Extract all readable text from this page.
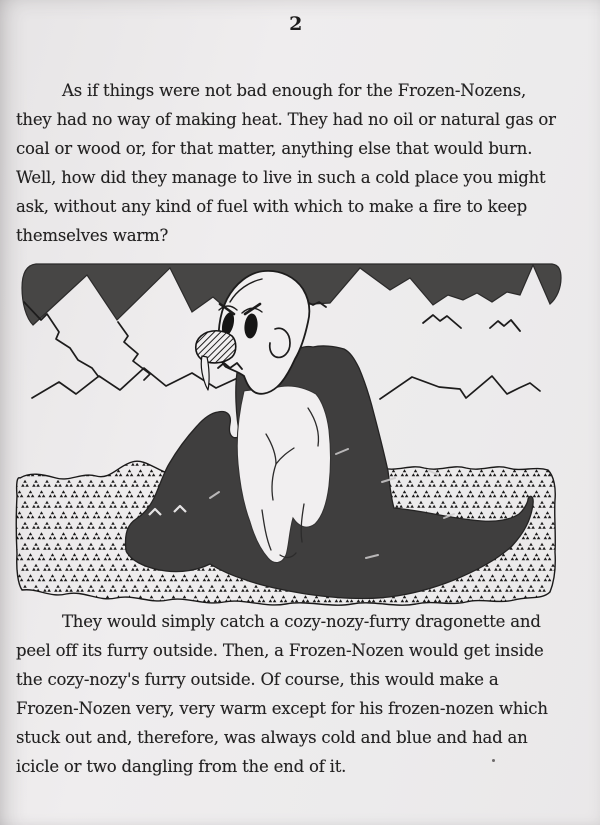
2
As if things were not bad enough for the Frozen-Nozens,
they had no way of making heat. They had no oil or natural gas or
coal or wood or, for that matter, anything else that would burn.
Well, how did they manage to live in such a cold place you might
ask, without any kind of fuel with which to make a fire to keep
themselves warm?
They would simply catch a cozy-nozy-furry dragonette and
peel off its furry outside. Then, a Frozen-Nozen would get inside
the cozy-nozy's furry outside. Of course, this would make a
Frozen-Nozen very, very warm except for his frozen-nozen which
stuck out and, therefore, was always cold and blue and had an
icicle or two dangling from the end of it.
